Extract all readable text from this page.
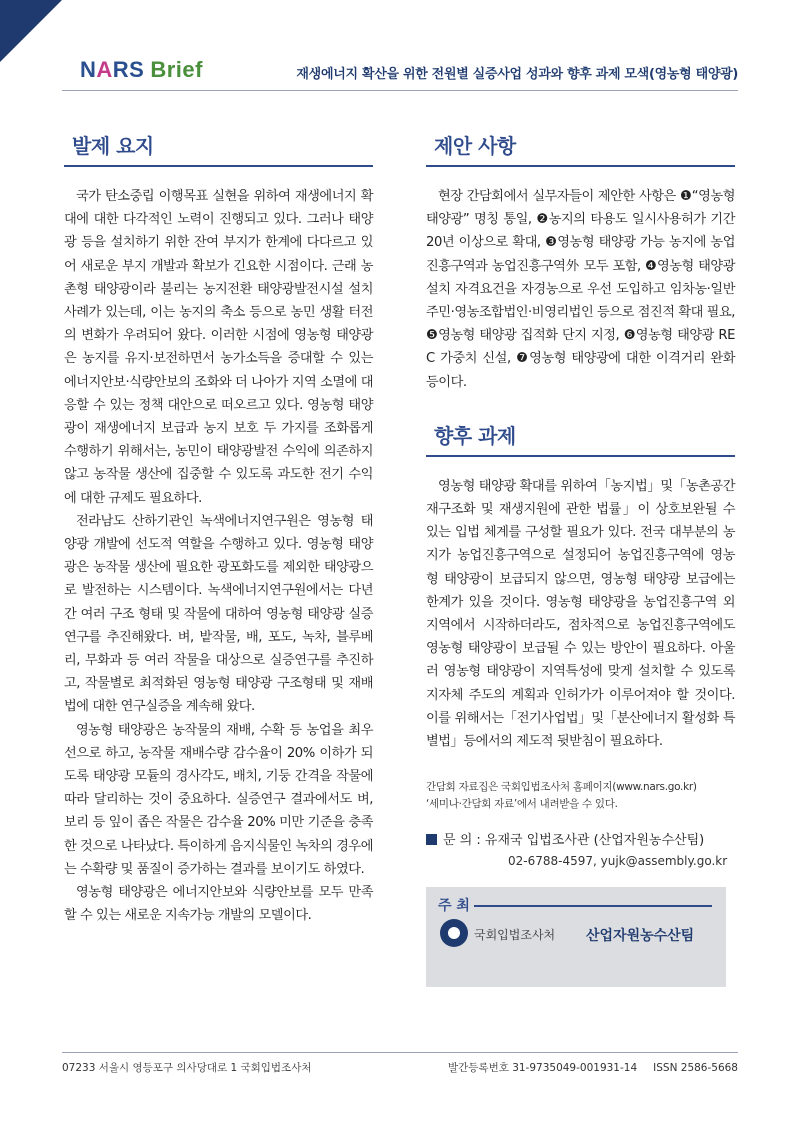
NARS Brief	재생에너지 확산을 위한 전원별 실증사업 성과와 향후 과제 모색(영농형 태양광)
발제 요지

국가 탄소중립 이행목표 실현을 위하여 재생에너지 확대에 대한 다각적인 노력이 진행되고 있다. 그러나 태양광 등을 설치하기 위한 잔여 부지가 한계에 다다르고 있어 새로운 부지 개발과 확보가 긴요한 시점이다. 근래 농촌형 태양광이라 불리는 농지전환 태양광발전시설 설치 사례가 있는데, 이는 농지의 축소 등으로 농민 생활 터전의 변화가 우려되어 왔다. 이러한 시점에 영농형 태양광은 농지를 유지·보전하면서 농가소득을 증대할 수 있는 에너지안보·식량안보의 조화와 더 나아가 지역 소멸에 대응할 수 있는 정책 대안으로 떠오르고 있다. 영농형 태양광이 재생에너지 보급과 농지 보호 두 가지를 조화롭게 수행하기 위해서는, 농민이 태양광발전 수익에 의존하지 않고 농작물 생산에 집중할 수 있도록 과도한 전기 수익에 대한 규제도 필요하다.

전라남도 산하기관인 녹색에너지연구원은 영농형 태양광 개발에 선도적 역할을 수행하고 있다. 영농형 태양광은 농작물 생산에 필요한 광포화도를 제외한 태양광으로 발전하는 시스템이다. 녹색에너지연구원에서는 다년간 여러 구조 형태 및 작물에 대하여 영농형 태양광 실증연구를 추진해왔다. 벼, 밭작물, 배, 포도, 녹차, 블루베리, 무화과 등 여러 작물을 대상으로 실증연구를 추진하고, 작물별로 최적화된 영농형 태양광 구조형태 및 재배법에 대한 연구실증을 계속해 왔다.

영농형 태양광은 농작물의 재배, 수확 등 농업을 최우선으로 하고, 농작물 재배수량 감수율이 20% 이하가 되도록 태양광 모듈의 경사각도, 배치, 기둥 간격을 작물에 따라 달리하는 것이 중요하다. 실증연구 결과에서도 벼, 보리 등 잎이 좁은 작물은 감수율 20% 미만 기준을 충족한 것으로 나타났다. 특이하게 음지식물인 녹차의 경우에는 수확량 및 품질이 증가하는 결과를 보이기도 하였다.

영농형 태양광은 에너지안보와 식량안보를 모두 만족할 수 있는 새로운 지속가능 개발의 모델이다.

제안 사항

현장 간담회에서 실무자들이 제안한 사항은 ❶“영농형 태양광” 명칭 통일, ❷농지의 타용도 일시사용허가 기간 20년 이상으로 확대, ❸영농형 태양광 가능 농지에 농업진흥구역과 농업진흥구역外 모두 포함, ❹영농형 태양광 설치 자격요건을 자경농으로 우선 도입하고 임차농·일반주민·영농조합법인·비영리법인 등으로 점진적 확대 필요, ❺영농형 태양광 집적화 단지 지정, ❻영농형 태양광 REC 가중치 신설, ❼영농형 태양광에 대한 이격거리 완화 등이다.

향후 과제

영농형 태양광 확대를 위하여「농지법」및「농촌공간 재구조화 및 재생지원에 관한 법률」이 상호보완될 수 있는 입법 체계를 구성할 필요가 있다. 전국 대부분의 농지가 농업진흥구역으로 설정되어 농업진흥구역에 영농형 태양광이 보급되지 않으면, 영농형 태양광 보급에는 한계가 있을 것이다. 영농형 태양광을 농업진흥구역 외 지역에서 시작하더라도, 점차적으로 농업진흥구역에도 영농형 태양광이 보급될 수 있는 방안이 필요하다. 아울러 영농형 태양광이 지역특성에 맞게 설치할 수 있도록 지자체 주도의 계획과 인허가가 이루어져야 할 것이다. 이를 위해서는「전기사업법」및「분산에너지 활성화 특별법」등에서의 제도적 뒷받침이 필요하다.

간담회 자료집은 국회입법조사처 홈페이지(www.nars.go.kr)
‘세미나·간담회 자료’에서 내려받을 수 있다.
문 의 : 유재국 입법조사관 (산업자원농수산팀)
02-6788-4597, yujk@assembly.go.kr
주 최
국회입법조사처 산업자원농수산팀
07233 서울시 영등포구 의사당대로 1 국회입법조사처	발간등록번호 31-9735049-001931-14 ISSN 2586-5668
